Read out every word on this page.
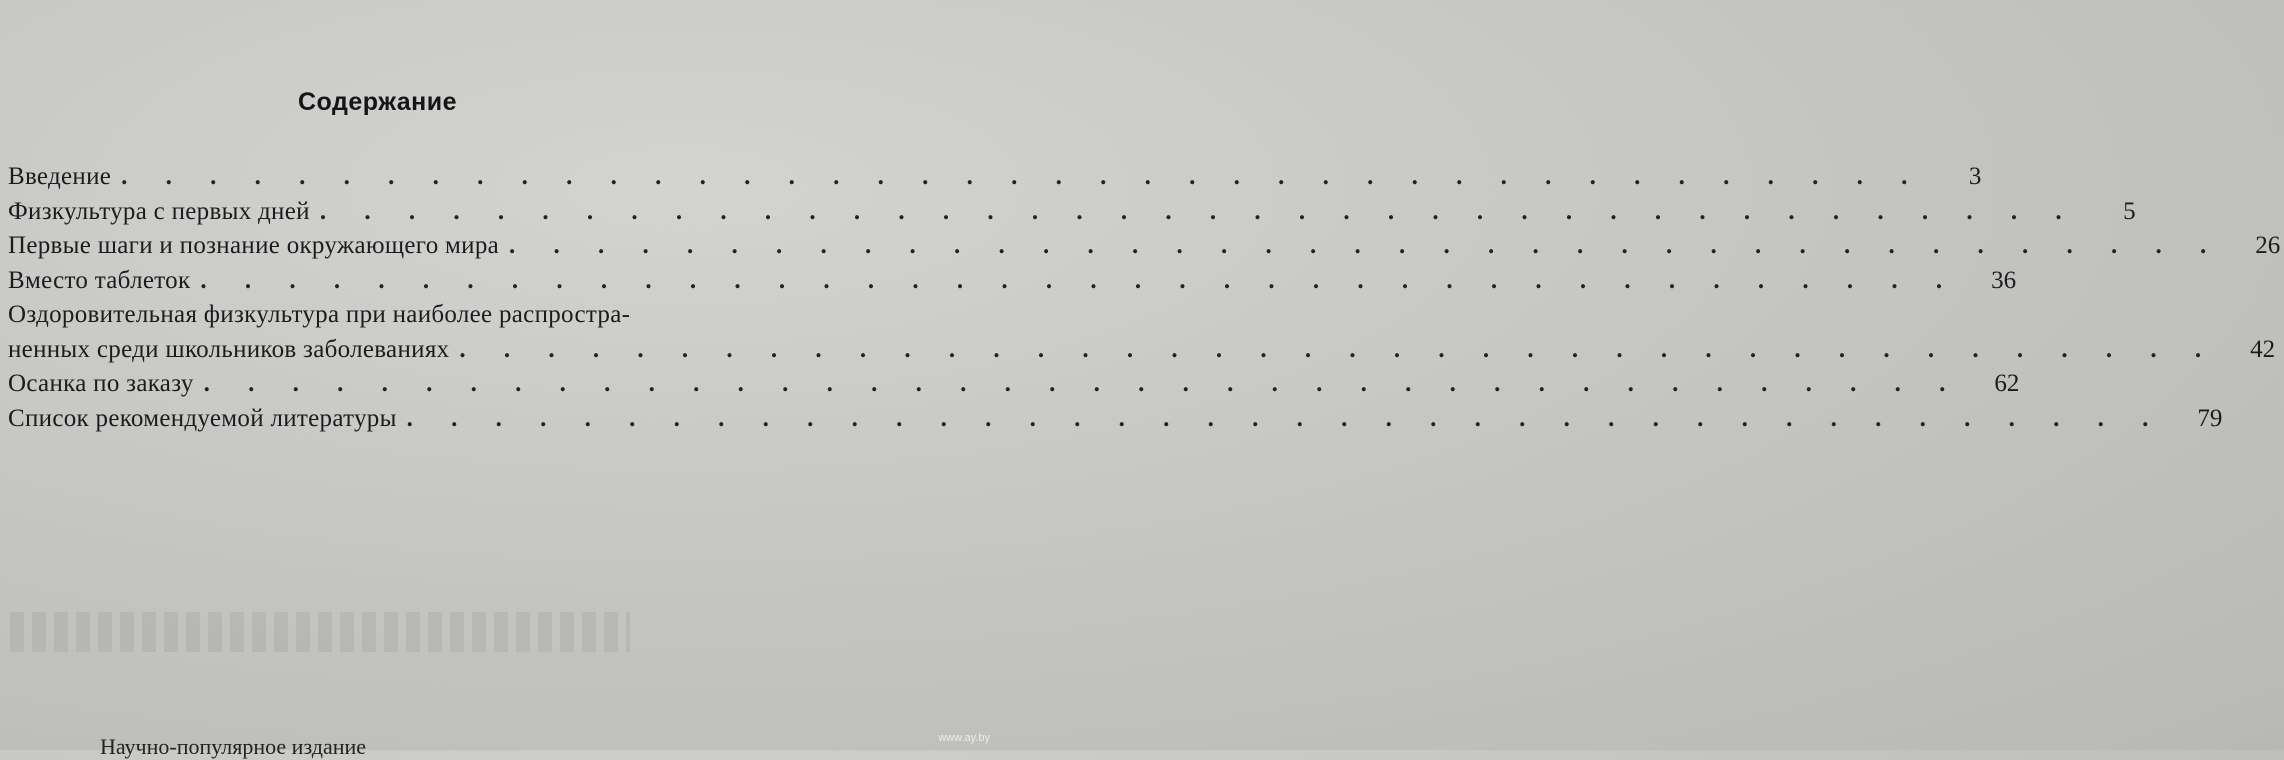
Содержание
Введение . . . . . . . . . . . . . . . . . . . . . . . . . . . . . . . . . . . . . . . . .	3
Физкультура с первых дней . . . . . . . . . . . . . . . . . . . . . . . . . . . . . . . . . . . . . . . .	5
Первые шаги и познание окружающего мира . . . . . . . . . . . . . . . . . . . . . . . . . . . . . . . . . . . . . . .	26
Вместо таблеток . . . . . . . . . . . . . . . . . . . . . . . . . . . . . . . . . . . . . . . .	36
Оздоровительная физкультура при наиболее распростра-
ненных среди школьников заболеваниях . . . . . . . . . . . . . . . . . . . . . . . . . . . . . . . . . . . . . . . .	42
Осанка по заказу . . . . . . . . . . . . . . . . . . . . . . . . . . . . . . . . . . . . . . . .	62
Список рекомендуемой литературы . . . . . . . . . . . . . . . . . . . . . . . . . . . . . . . . . . . . . . . .	79
Научно-популярное издание	www.ay.by
